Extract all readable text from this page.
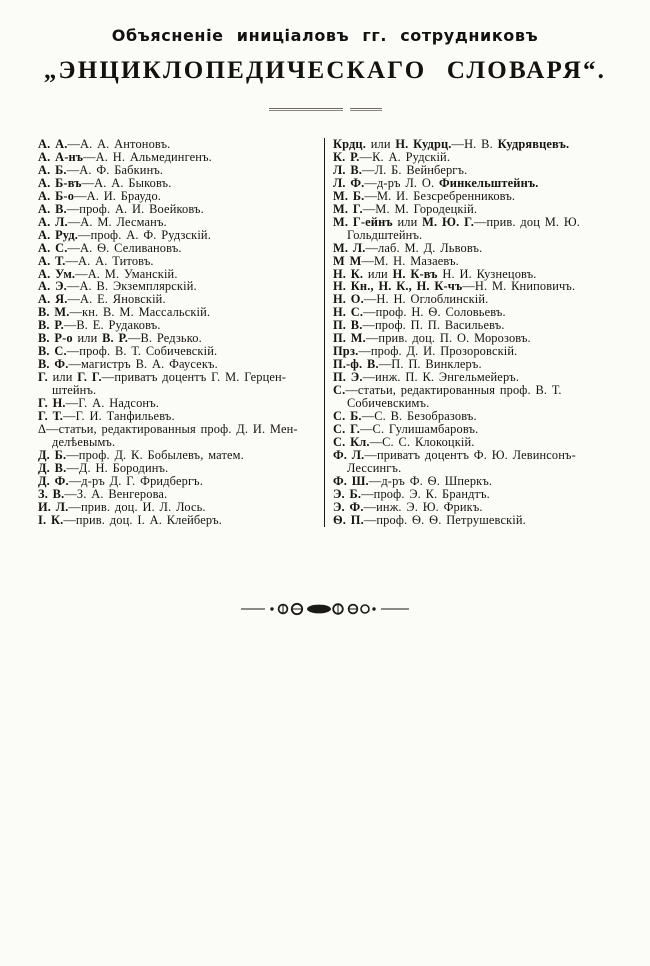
Объясненіе иниціаловъ гг. сотрудниковъ
„ЭНЦИКЛОПЕДИЧЕСКАГО СЛОВАРЯ“.
А. А.—А. А. Антоновъ.
А. А-нъ—А. Н. Альмедингенъ.
А. Б.—А. Ф. Бабкинъ.
А. Б-въ—А. А. Быковъ.
А. Б-о—А. И. Браудо.
А. В.—проф. А. И. Воейковъ.
А. Л.—А. М. Лесманъ.
А. Руд.—проф. А. Ф. Рудзскій.
А. С.—А. Ѳ. Селивановъ.
А. Т.—А. А. Титовъ.
А. Ум.—А. М. Уманскій.
А. Э.—А. В. Экземплярскій.
А. Я.—А. Е. Яновскій.
В. М.—кн. В. М. Массальскій.
В. Р.—В. Е. Рудаковъ.
В. Р-о или В. Р.—В. Редзько.
В. С.—проф. В. Т. Собичевскій.
В. Ф.—магистръ В. А. Фаусекъ.
Г. или Г. Г.—приватъ доцентъ Г. М. Герцен-
штейнъ.
Г. Н.—Г. А. Надсонъ.
Г. Т.—Г. И. Танфильевъ.
Δ—статьи, редактированныя проф. Д. И. Мен-
делѣевымъ.
Д. Б.—проф. Д. К. Бобылевъ, матем.
Д. В.—Д. Н. Бородинъ.
Д. Ф.—д-ръ Д. Г. Фридбергъ.
З. В.—З. А. Венгерова.
И. Л.—прив. доц. И. Л. Лось.
І. К.—прив. доц. І. А. Клейберъ.
Крдц. или Н. Кудрц.—Н. В. Кудрявцевъ.
К. Р.—К. А. Рудскій.
Л. В.—Л. Б. Вейнбергъ.
Л. Ф.—д-ръ Л. О. Финкельштейнъ.
М. Б.—М. И. Безсребренниковъ.
М. Г.—М. М. Городецкій.
М. Г-ейнъ или М. Ю. Г.—прив. доц М. Ю.
Гольдштейнъ.
М. Л.—лаб. М. Д. Львовъ.
М М—М. Н. Мазаевъ.
Н. К. или Н. К-въ Н. И. Кузнецовъ.
Н. Кн., Н. К., Н. К-чъ—Н. М. Книповичъ.
Н. О.—Н. Н. Оглоблинскій.
Н. С.—проф. Н. Ѳ. Соловьевъ.
П. В.—проф. П. П. Васильевъ.
П. М.—прив. доц. П. О. Морозовъ.
Прз.—проф. Д. И. Прозоровскій.
П.-ф. В.—П. П. Винклеръ.
П. Э.—инж. П. К. Энгельмейеръ.
С.—статьи, редактированныя проф. В. Т.
Собичевскимъ.
С. Б.—С. В. Безобразовъ.
С. Г.—С. Гулишамбаровъ.
С. Кл.—С. С. Клокоцкій.
Ф. Л.—приватъ доцентъ Ф. Ю. Левинсонъ-
Лессингъ.
Ф. Ш.—д-ръ Ф. Ѳ. Шперкъ.
Э. Б.—проф. Э. К. Брандтъ.
Э. Ф.—инж. Э. Ю. Фрикъ.
Ѳ. П.—проф. Ѳ. Ѳ. Петрушевскій.
